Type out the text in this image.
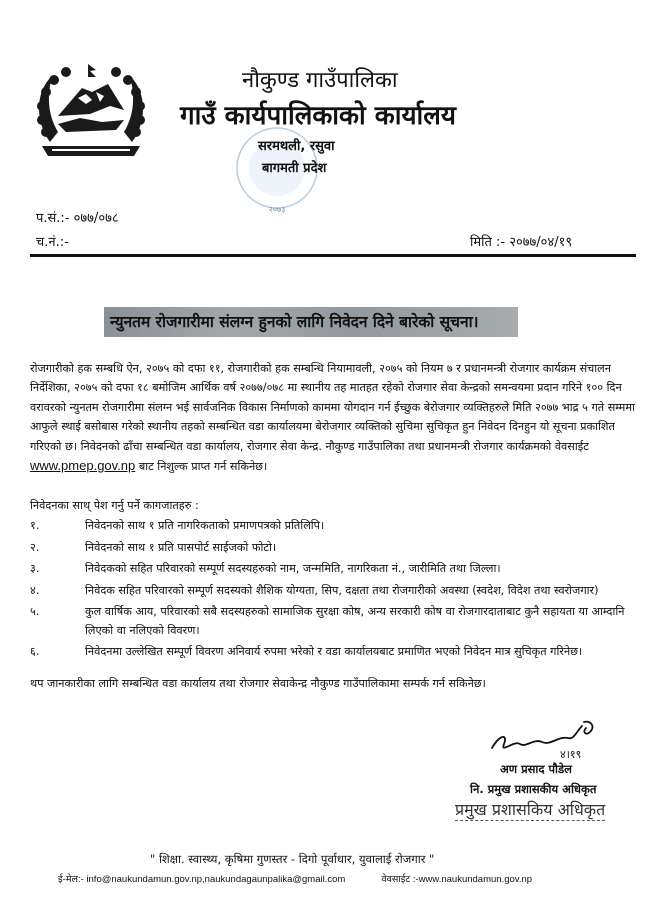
२०७३
नौकुण्ड गाउँपालिका
गाउँ कार्यपालिकाको कार्यालय
सरमथली, रसुवा
बागमती प्रदेश
प.सं.:- ०७७/०७८
च.नं.:-	मिति :- २०७७/०४/१९
न्युनतम रोजगारीमा संलग्न हुनको लागि निवेदन दिने बारेको सूचना।
रोजगारीको हक सम्बधि ऐन, २०७५ को दफा ११, रोजगारीको हक सम्बन्धि नियामावली, २०७५ को नियम ७ र प्रधानमन्त्री रोजगार कार्यक्रम संचालन निर्देशिका, २०७५ को दफा १८ बमोजिम आर्थिक वर्ष २०७७/०७८ मा स्थानीय तह मातहत रहेको रोजगार सेवा केन्द्रको समन्वयमा प्रदान गरिने १०० दिन वरावरको न्युनतम रोजगारीमा संलग्न भई सार्वजनिक विकास निर्माणको काममा योगदान गर्न ईच्छुक बेरोजगार व्यक्तिहरुले मिति २०७७ भाद्र ५ गते सम्ममा आफुले स्थाई बसोबास गरेको स्थानीय तहको सम्बन्धित वडा कार्यालयमा बेरोजगार व्यक्तिको सुचिमा सुचिकृत हुन निवेदन दिनहुन यो सूचना प्रकाशित गरिएको छ। निवेदनको ढाँचा सम्बन्धित वडा कार्यालय, रोजगार सेवा केन्द्र. नौकुण्ड गाउँपालिका तथा प्रधानमन्त्री रोजगार कार्यक्रमको वेवसाईट www.pmep.gov.np बाट निशुल्क प्राप्त गर्न सकिनेछ।
निवेदनका साथ् पेश गर्नु पर्ने कागजातहरु :
१.	निवेदनको साथ १ प्रति नागरिकताको प्रमाणपत्रको प्रतिलिपि।
२.	निवेदनको साथ १ प्रति पासपोर्ट साईजको फोटो।
३.	निवेदकको सहित परिवारको सम्पूर्ण सदस्यहरुको नाम, जन्ममिति, नागरिकता नं., जारीमिति तथा जिल्ला।
४.	निवेदक सहित परिवारको सम्पूर्ण सदस्यको शैशिक योग्यता, सिप, दक्षता तथा रोजगारीको अवस्था (स्वदेश, विदेश तथा स्वरोजगार)
५.	कुल वार्षिक आय, परिवारको सबै सदस्यहरुको सामाजिक सुरक्षा कोष, अन्य सरकारी कोष वा रोजगारदाताबाट कुनै सहायता या आम्दानि लिएको वा नलिएको विवरण।
६.	निवेदनमा उल्लेखित सम्पूर्ण विवरण अनिवार्य रुपमा भरेको र वडा कार्यालयबाट प्रमाणित भएको निवेदन मात्र सुचिकृत गरिनेछ।
थप जानकारीका लागि सम्बन्धित वडा कार्यालय तथा रोजगार सेवाकेन्द्र नौकुण्ड गाउँपालिकामा सम्पर्क गर्न सकिनेछ।
४।१९
अण प्रसाद पौडेल
नि. प्रमुख प्रशासकीय अधिकृत
प्रमुख प्रशासकिय अधिकृत
" शिक्षा. स्वास्थ्य, कृषिमा गुणस्तर - दिगो पूर्वाधार, युवालाई रोजगार "
ई-मेल:- info@naukundamun.gov.np,naukundagaunpalika@gmail.com	वेवसाईट :-www.naukundamun.gov.np
